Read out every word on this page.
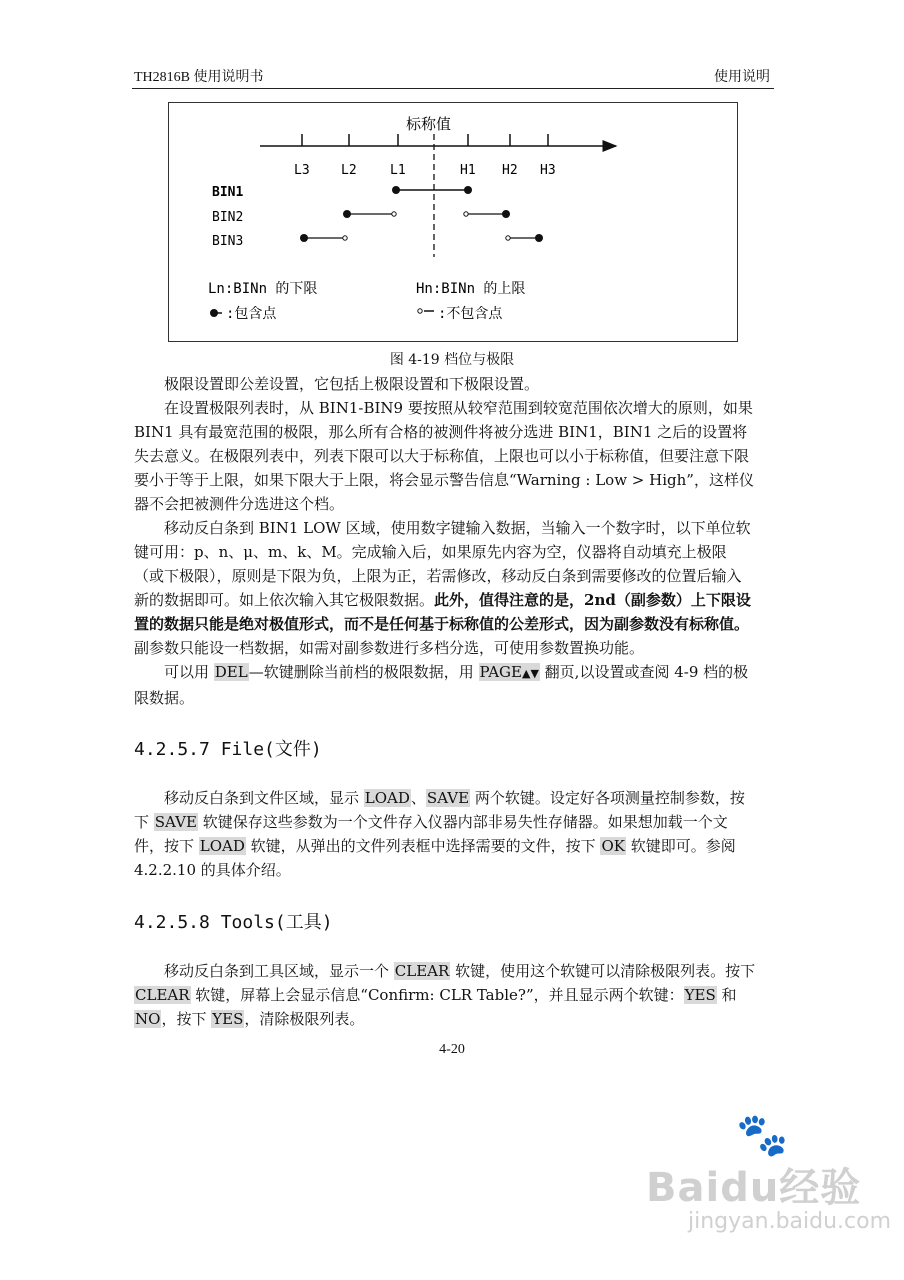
TH2816B 使用说明书	使用说明
标称值
L3 L2	L1	H1 H2 H3
BIN1
BIN2
BIN3
Ln:BINn 的下限	Hn:BINn 的上限
:包含点	:不包含点
图 4-19 档位与极限

极限设置即公差设置，它包括上极限设置和下极限设置。

在设置极限列表时，从 BIN1-BIN9 要按照从较窄范围到较宽范围依次增大的原则，如果 BIN1 具有最宽范围的极限，那么所有合格的被测件将被分选进 BIN1，BIN1 之后的设置将失去意义。在极限列表中，列表下限可以大于标称值，上限也可以小于标称值，但要注意下限要小于等于上限，如果下限大于上限，将会显示警告信息“Warning : Low > High”，这样仪器不会把被测件分选进这个档。

移动反白条到 BIN1 LOW 区域，使用数字键输入数据，当输入一个数字时，以下单位软键可用：p、n、μ、m、k、M。完成输入后，如果原先内容为空，仪器将自动填充上极限（或下极限），原则是下限为负，上限为正，若需修改，移动反白条到需要修改的位置后输入新的数据即可。如上依次输入其它极限数据。此外，值得注意的是，2nd（副参数）上下限设置的数据只能是绝对极值形式，而不是任何基于标称值的公差形式，因为副参数没有标称值。副参数只能设一档数据，如需对副参数进行多档分选，可使用参数置换功能。

可以用 DEL—软键删除当前档的极限数据，用 PAGE▲▼ 翻页,以设置或查阅 4-9 档的极限数据。

4.2.5.7 File(文件)

移动反白条到文件区域，显示 LOAD、SAVE 两个软键。设定好各项测量控制参数，按下 SAVE 软键保存这些参数为一个文件存入仪器内部非易失性存储器。如果想加载一个文件，按下 LOAD 软键，从弹出的文件列表框中选择需要的文件，按下 OK 软键即可。参阅 4.2.2.10 的具体介绍。

4.2.5.8 Tools(工具)

移动反白条到工具区域，显示一个 CLEAR 软键，使用这个软键可以清除极限列表。按下 CLEAR 软键，屏幕上会显示信息“Confirm: CLR Table?”，并且显示两个软键：YES 和 NO，按下 YES，清除极限列表。

4-20
🐾
Baidu经验
jingyan.baidu.com
